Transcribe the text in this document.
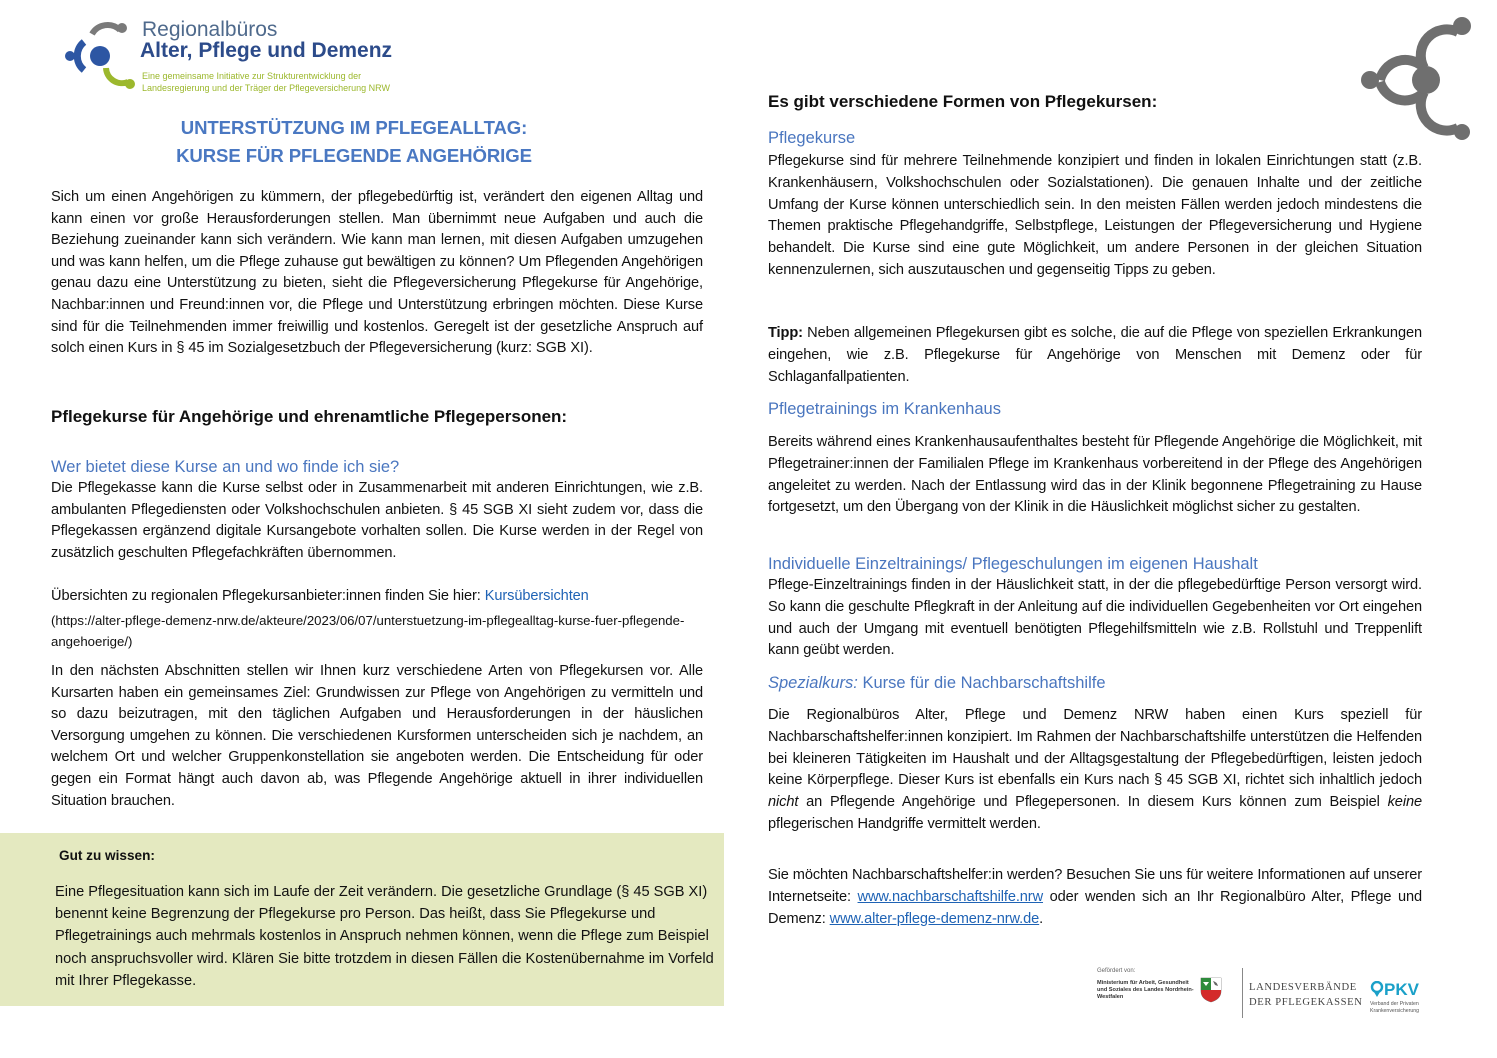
Regionalbüros
Alter, Pflege und Demenz
Eine gemeinsame Initiative zur Strukturentwicklung der
Landesregierung und der Träger der Pflegeversicherung NRW
UNTERSTÜTZUNG IM PFLEGEALLTAG:
KURSE FÜR PFLEGENDE ANGEHÖRIGE
Sich um einen Angehörigen zu kümmern, der pflegebedürftig ist, verändert den eigenen Alltag und kann einen vor große Herausforderungen stellen. Man übernimmt neue Aufgaben und auch die Beziehung zueinander kann sich verändern. Wie kann man lernen, mit diesen Aufgaben umzugehen und was kann helfen, um die Pflege zuhause gut bewältigen zu können? Um Pflegenden Angehörigen genau dazu eine Unterstützung zu bieten, sieht die Pflegeversicherung Pflegekurse für Angehörige, Nachbar:innen und Freund:innen vor, die Pflege und Unterstützung erbringen möchten. Diese Kurse sind für die Teilnehmenden immer freiwillig und kostenlos. Geregelt ist der gesetzliche Anspruch auf solch einen Kurs in § 45 im Sozialgesetzbuch der Pflegeversicherung (kurz: SGB XI).
Pflegekurse für Angehörige und ehrenamtliche Pflegepersonen:
Wer bietet diese Kurse an und wo finde ich sie?
Die Pflegekasse kann die Kurse selbst oder in Zusammenarbeit mit anderen Einrichtungen, wie z.B. ambulanten Pflegediensten oder Volkshochschulen anbieten. § 45 SGB XI sieht zudem vor, dass die Pflegekassen ergänzend digitale Kursangebote vorhalten sollen. Die Kurse werden in der Regel von zusätzlich geschulten Pflegefachkräften übernommen.
Übersichten zu regionalen Pflegekursanbieter:innen finden Sie hier: Kursübersichten
(https://alter-pflege-demenz-nrw.de/akteure/2023/06/07/unterstuetzung-im-pflegealltag-kurse-fuer-pflegende-angehoerige/)
In den nächsten Abschnitten stellen wir Ihnen kurz verschiedene Arten von Pflegekursen vor. Alle Kursarten haben ein gemeinsames Ziel: Grundwissen zur Pflege von Angehörigen zu vermitteln und so dazu beizutragen, mit den täglichen Aufgaben und Herausforderungen in der häuslichen Versorgung umgehen zu können. Die verschiedenen Kursformen unterscheiden sich je nachdem, an welchem Ort und welcher Gruppenkonstellation sie angeboten werden. Die Entscheidung für oder gegen ein Format hängt auch davon ab, was Pflegende Angehörige aktuell in ihrer individuellen Situation brauchen.
Gut zu wissen:
Eine Pflegesituation kann sich im Laufe der Zeit verändern. Die gesetzliche Grundlage (§ 45 SGB XI) benennt keine Begrenzung der Pflegekurse pro Person. Das heißt, dass Sie Pflegekurse und Pflegetrainings auch mehrmals kostenlos in Anspruch nehmen können, wenn die Pflege zum Beispiel noch anspruchsvoller wird. Klären Sie bitte trotzdem in diesen Fällen die Kostenübernahme im Vorfeld mit Ihrer Pflegekasse.
Es gibt verschiedene Formen von Pflegekursen:
Pflegekurse
Pflegekurse sind für mehrere Teilnehmende konzipiert und finden in lokalen Einrichtungen statt (z.B. Krankenhäusern, Volkshochschulen oder Sozialstationen). Die genauen Inhalte und der zeitliche Umfang der Kurse können unterschiedlich sein. In den meisten Fällen werden jedoch mindestens die Themen praktische Pflegehandgriffe, Selbstpflege, Leistungen der Pflegeversicherung und Hygiene behandelt. Die Kurse sind eine gute Möglichkeit, um andere Personen in der gleichen Situation kennenzulernen, sich auszutauschen und gegenseitig Tipps zu geben.
Tipp: Neben allgemeinen Pflegekursen gibt es solche, die auf die Pflege von speziellen Erkrankungen eingehen, wie z.B. Pflegekurse für Angehörige von Menschen mit Demenz oder für Schlaganfallpatienten.
Pflegetrainings im Krankenhaus
Bereits während eines Krankenhausaufenthaltes besteht für Pflegende Angehörige die Möglichkeit, mit Pflegetrainer:innen der Familialen Pflege im Krankenhaus vorbereitend in der Pflege des Angehörigen angeleitet zu werden. Nach der Entlassung wird das in der Klinik begonnene Pflegetraining zu Hause fortgesetzt, um den Übergang von der Klinik in die Häuslichkeit möglichst sicher zu gestalten.
Individuelle Einzeltrainings/ Pflegeschulungen im eigenen Haushalt
Pflege-Einzeltrainings finden in der Häuslichkeit statt, in der die pflegebedürftige Person versorgt wird. So kann die geschulte Pflegkraft in der Anleitung auf die individuellen Gegebenheiten vor Ort eingehen und auch der Umgang mit eventuell benötigten Pflegehilfsmitteln wie z.B. Rollstuhl und Treppenlift kann geübt werden.
Spezialkurs: Kurse für die Nachbarschaftshilfe
Die Regionalbüros Alter, Pflege und Demenz NRW haben einen Kurs speziell für Nachbarschaftshelfer:innen konzipiert. Im Rahmen der Nachbarschaftshilfe unterstützen die Helfenden bei kleineren Tätigkeiten im Haushalt und der Alltagsgestaltung der Pflegebedürftigen, leisten jedoch keine Körperpflege. Dieser Kurs ist ebenfalls ein Kurs nach § 45 SGB XI, richtet sich inhaltlich jedoch nicht an Pflegende Angehörige und Pflegepersonen. In diesem Kurs können zum Beispiel keine pflegerischen Handgriffe vermittelt werden.
Sie möchten Nachbarschaftshelfer:in werden? Besuchen Sie uns für weitere Informationen auf unserer Internetseite: www.nachbarschaftshilfe.nrw oder wenden sich an Ihr Regionalbüro Alter, Pflege und Demenz: www.alter-pflege-demenz-nrw.de.
Gefördert von:
Ministerium für Arbeit, Gesundheit und Soziales des Landes Nordrhein-Westfalen
LANDESVERBÄNDE
DER PFLEGEKASSEN
PKV
Verband der Privaten Krankenversicherung
